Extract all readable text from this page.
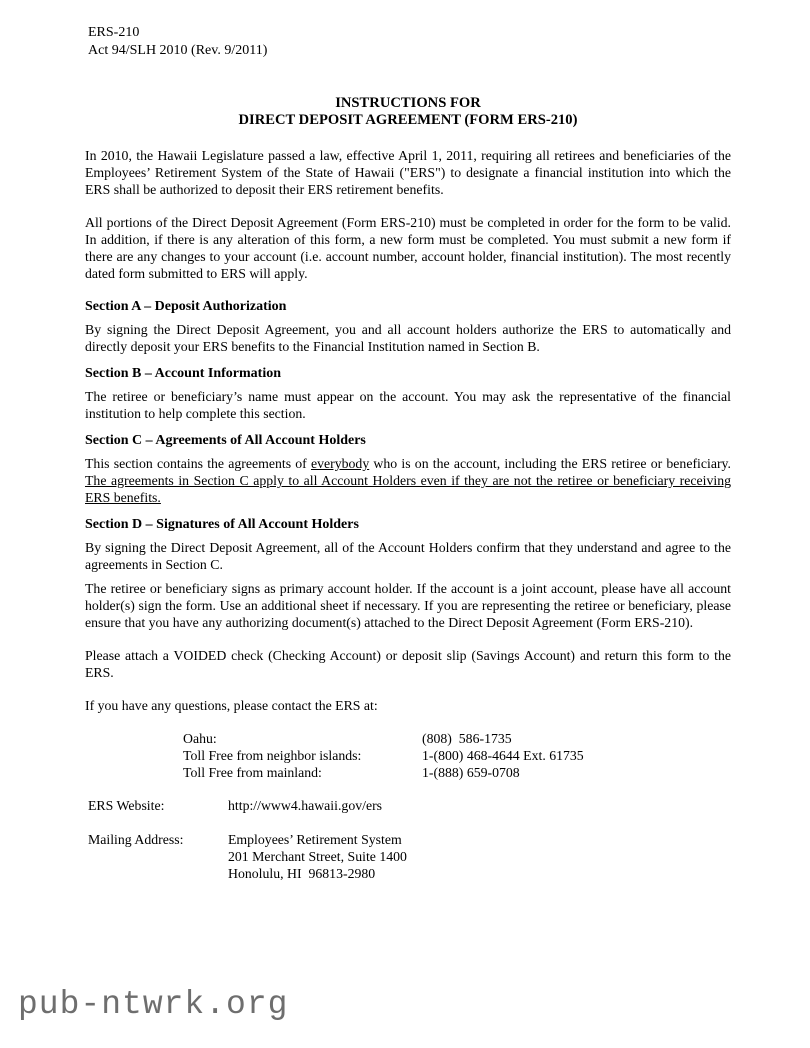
ERS-210
Act 94/SLH 2010 (Rev. 9/2011)
INSTRUCTIONS FOR
DIRECT DEPOSIT AGREEMENT (FORM ERS-210)

In 2010, the Hawaii Legislature passed a law, effective April 1, 2011, requiring all retirees and beneficiaries of the Employees’ Retirement System of the State of Hawaii ("ERS") to designate a financial institution into which the ERS shall be authorized to deposit their ERS retirement benefits.

All portions of the Direct Deposit Agreement (Form ERS-210) must be completed in order for the form to be valid. In addition, if there is any alteration of this form, a new form must be completed. You must submit a new form if there are any changes to your account (i.e. account number, account holder, financial institution). The most recently dated form submitted to ERS will apply.

Section A – Deposit Authorization

By signing the Direct Deposit Agreement, you and all account holders authorize the ERS to automatically and directly deposit your ERS benefits to the Financial Institution named in Section B.

Section B – Account Information

The retiree or beneficiary’s name must appear on the account. You may ask the representative of the financial institution to help complete this section.

Section C – Agreements of All Account Holders

This section contains the agreements of everybody who is on the account, including the ERS retiree or beneficiary. The agreements in Section C apply to all Account Holders even if they are not the retiree or beneficiary receiving ERS benefits.

Section D – Signatures of All Account Holders

By signing the Direct Deposit Agreement, all of the Account Holders confirm that they understand and agree to the agreements in Section C.

The retiree or beneficiary signs as primary account holder. If the account is a joint account, please have all account holder(s) sign the form. Use an additional sheet if necessary. If you are representing the retiree or beneficiary, please ensure that you have any authorizing document(s) attached to the Direct Deposit Agreement (Form ERS-210).

Please attach a VOIDED check (Checking Account) or deposit slip (Savings Account) and return this form to the ERS.

If you have any questions, please contact the ERS at:

Oahu:	(808)  586-1735
Toll Free from neighbor islands:	1-(800) 468-4644 Ext. 61735
Toll Free from mainland:	1-(888) 659-0708
ERS Website:	http://www4.hawaii.gov/ers
Mailing Address:	Employees’ Retirement System
201 Merchant Street, Suite 1400
Honolulu, HI  96813-2980
pub-ntwrk.org
